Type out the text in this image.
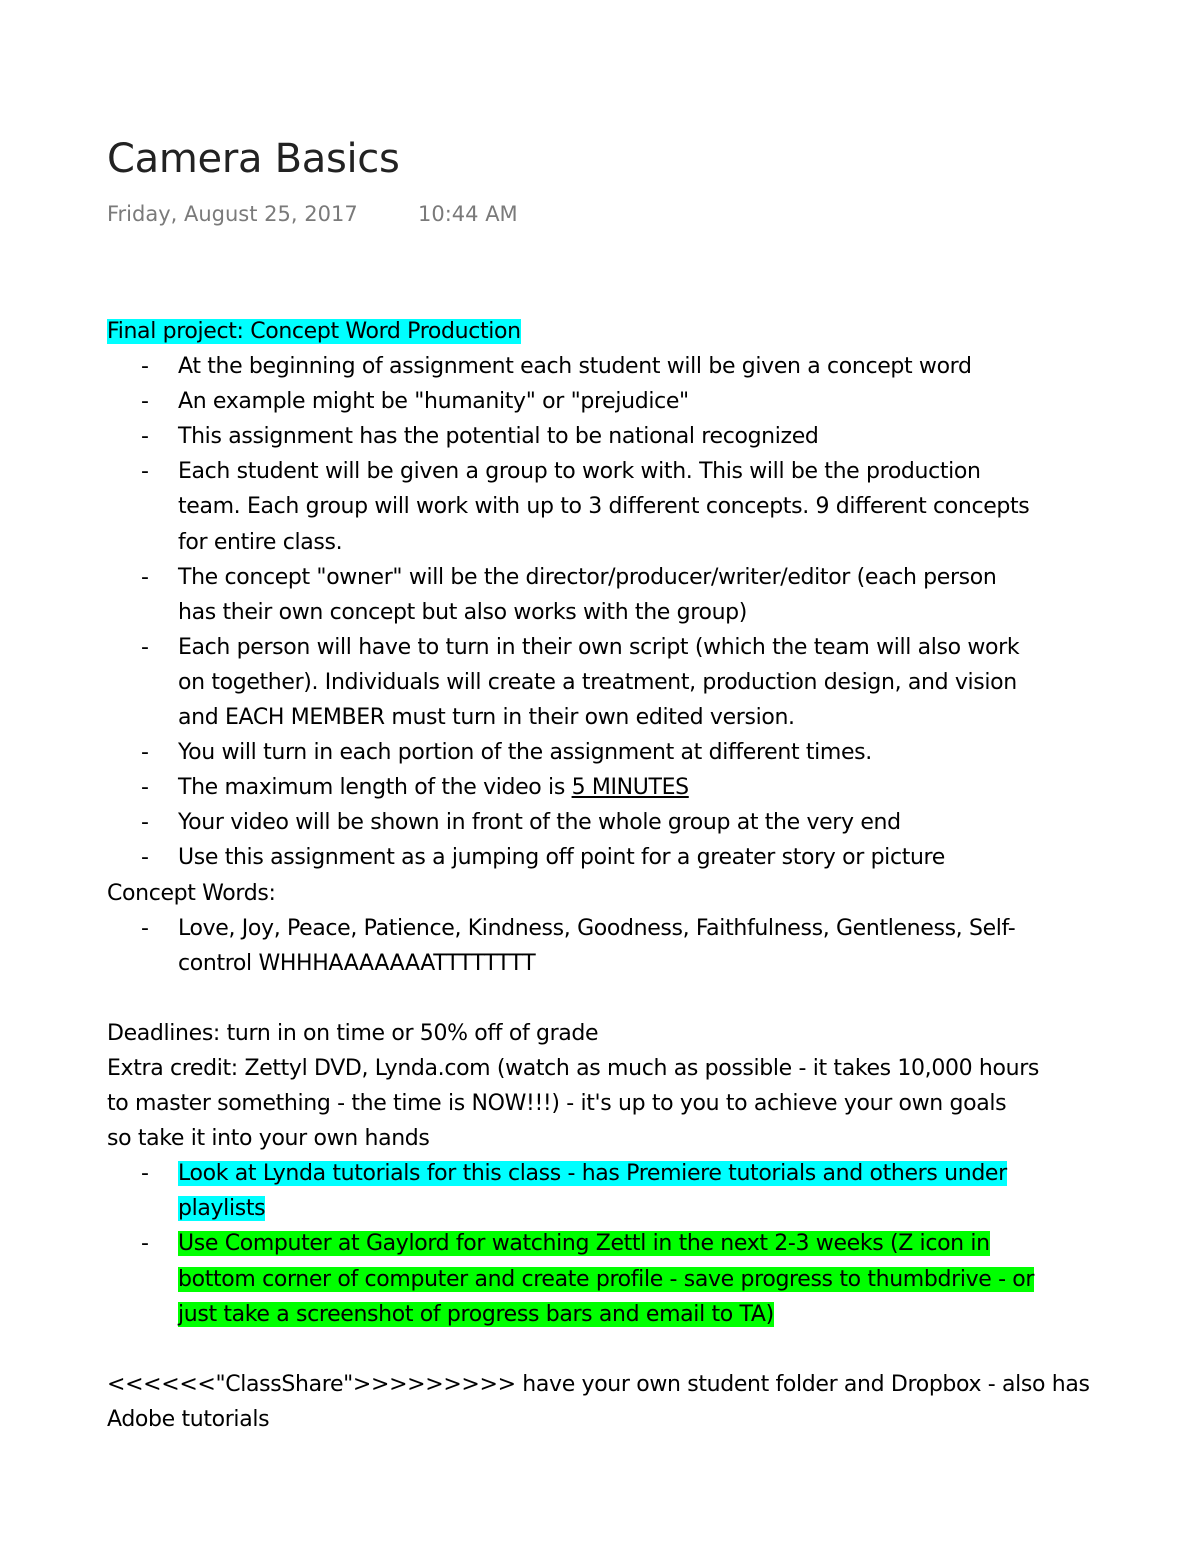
Camera Basics
Friday, August 25, 2017	10:44 AM
Final project: Concept Word Production
- At the beginning of assignment each student will be given a concept word
- An example might be "humanity" or "prejudice"
- This assignment has the potential to be national recognized
- Each student will be given a group to work with. This will be the production
team. Each group will work with up to 3 different concepts. 9 different concepts
for entire class.
- The concept "owner" will be the director/producer/writer/editor (each person
has their own concept but also works with the group)
- Each person will have to turn in their own script (which the team will also work
on together). Individuals will create a treatment, production design, and vision
and EACH MEMBER must turn in their own edited version.
- You will turn in each portion of the assignment at different times.
- The maximum length of the video is 5 MINUTES
- Your video will be shown in front of the whole group at the very end
- Use this assignment as a jumping off point for a greater story or picture
Concept Words:
- Love, Joy, Peace, Patience, Kindness, Goodness, Faithfulness, Gentleness, Self-
control WHHHAAAAAAATTTTTTTT
Deadlines: turn in on time or 50% off of grade
Extra credit: Zettyl DVD, Lynda.com (watch as much as possible - it takes 10,000 hours
to master something - the time is NOW!!!) - it's up to you to achieve your own goals
so take it into your own hands
- Look at Lynda tutorials for this class - has Premiere tutorials and others under
playlists
- Use Computer at Gaylord for watching Zettl in the next 2-3 weeks (Z icon in
bottom corner of computer and create profile - save progress to thumbdrive - or
just take a screenshot of progress bars and email to TA)
<<<<<<"ClassShare">>>>>>>>> have your own student folder and Dropbox - also has
Adobe tutorials
